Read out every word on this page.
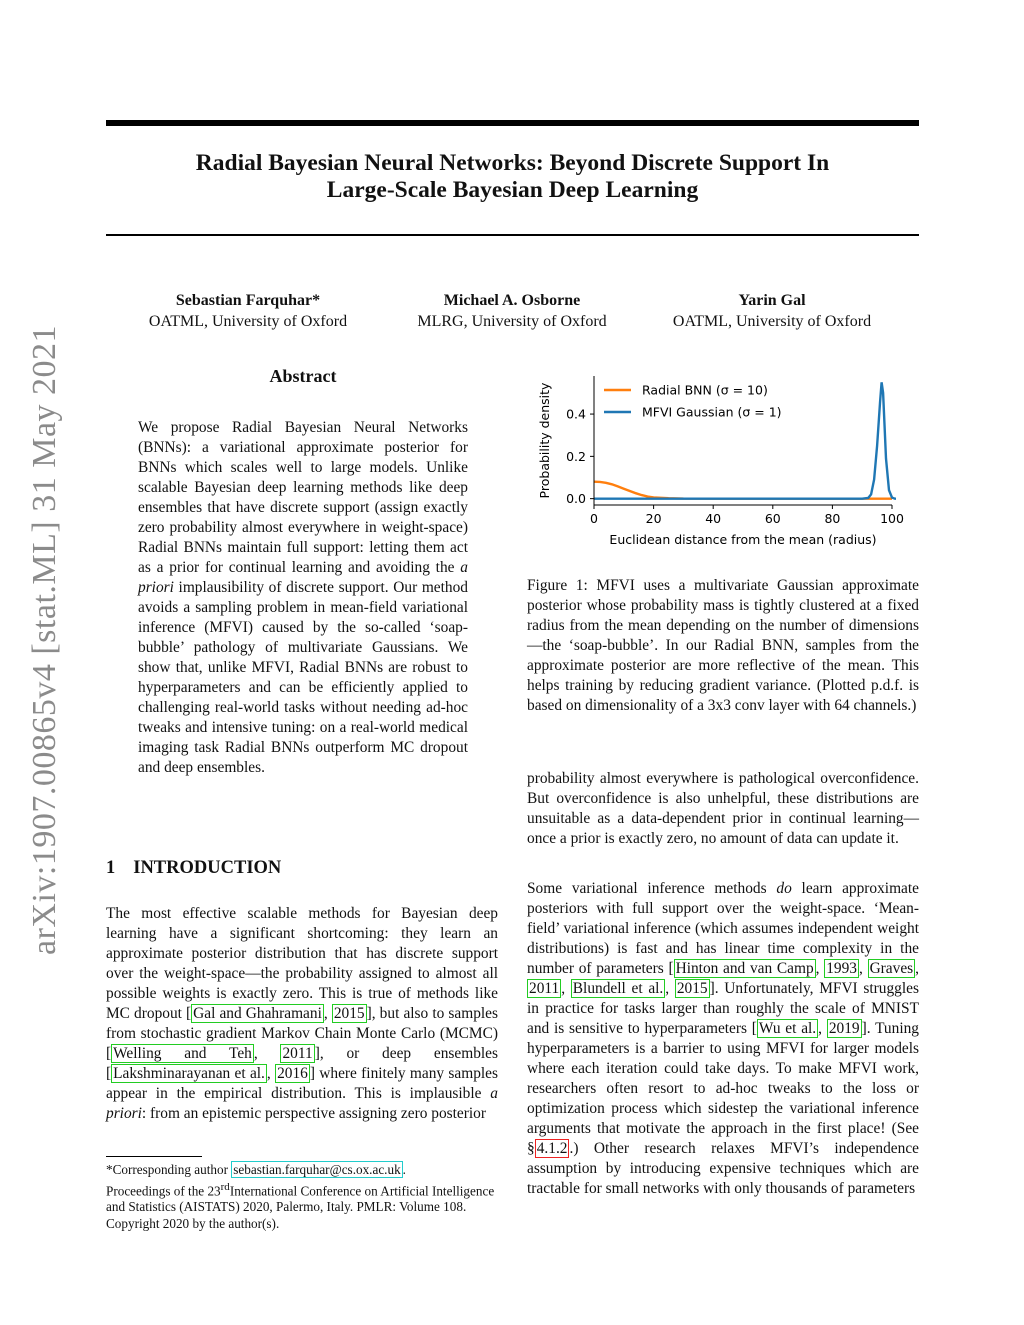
Radial Bayesian Neural Networks: Beyond Discrete Support In
Large-Scale Bayesian Deep Learning
Sebastian Farquhar*
OATML, University of Oxford
Michael A. Osborne
MLRG, University of Oxford
Yarin Gal
OATML, University of Oxford
arXiv:1907.00865v4 [stat.ML] 31 May 2021	Abstract

We propose Radial Bayesian Neural Networks (BNNs): a variational approximate posterior for BNNs which scales well to large models. Unlike scalable Bayesian deep learning methods like deep ensembles that have discrete support (assign exactly zero probability almost everywhere in weight-space) Radial BNNs maintain full support: letting them act as a prior for continual learning and avoiding the a priori implausibility of discrete support. Our method avoids a sampling problem in mean-field variational inference (MFVI) caused by the so-called ‘soap-bubble’ pathology of multivariate Gaussians. We show that, unlike MFVI, Radial BNNs are robust to hyperparameters and can be efficiently applied to challenging real-world tasks without needing ad-hoc tweaks and intensive tuning: on a real-world medical imaging task Radial BNNs outperform MC dropout and deep ensembles.

1 INTRODUCTION

The most effective scalable methods for Bayesian deep learning have a significant shortcoming: they learn an approximate posterior distribution that has discrete support over the weight-space—the probability assigned to almost all possible weights is exactly zero. This is true of methods like MC dropout [ Gal and Ghahramani , 2015 ], but also to samples from stochastic gradient Markov Chain Monte Carlo (MCMC) [ Welling and Teh , 2011 ], or deep ensembles [ Lakshminarayanan et al. , 2016 ] where finitely many samples appear in the empirical distribution. This is implausible a priori: from an epistemic perspective assigning zero posterior

*Corresponding author sebastian.farquhar@cs.ox.ac.uk .
Proceedings of the 23rdInternational Conference on Artificial Intelligence and Statistics (AISTATS) 2020, Palermo, Italy. PMLR: Volume 108. Copyright 2020 by the author(s).
0	20	40	60	80	100
0.0
0.2
0.4
Probability density
Euclidean distance from the mean (radius)
Radial BNN (σ = 10)
MFVI Gaussian (σ = 1)

Figure 1: MFVI uses a multivariate Gaussian approximate posterior whose probability mass is tightly clustered at a fixed radius from the mean depending on the number of dimensions—the ‘soap-bubble’. In our Radial BNN, samples from the approximate posterior are more reflective of the mean. This helps training by reducing gradient variance. (Plotted p.d.f. is based on dimensionality of a 3x3 conv layer with 64 channels.)

probability almost everywhere is pathological overconfidence. But overconfidence is also unhelpful, these distributions are unsuitable as a data-dependent prior in continual learning—once a prior is exactly zero, no amount of data can update it.

Some variational inference methods do learn approximate posteriors with full support over the weight-space. ‘Mean-field’ variational inference (which assumes independent weight distributions) is fast and has linear time complexity in the number of parameters [ Hinton and van Camp , 1993 , Graves , 2011 , Blundell et al. , 2015 ]. Unfortunately, MFVI struggles in practice for tasks larger than roughly the scale of MNIST and is sensitive to hyperparameters [ Wu et al. , 2019 ]. Tuning hyperparameters is a barrier to using MFVI for larger models where each iteration could take days. To make MFVI work, researchers often resort to ad-hoc tweaks to the loss or optimization process which sidestep the variational inference arguments that motivate the approach in the first place! (See § 4.1.2 .) Other research relaxes MFVI’s independence assumption by introducing expensive techniques which are tractable for small networks with only thousands of parameters
